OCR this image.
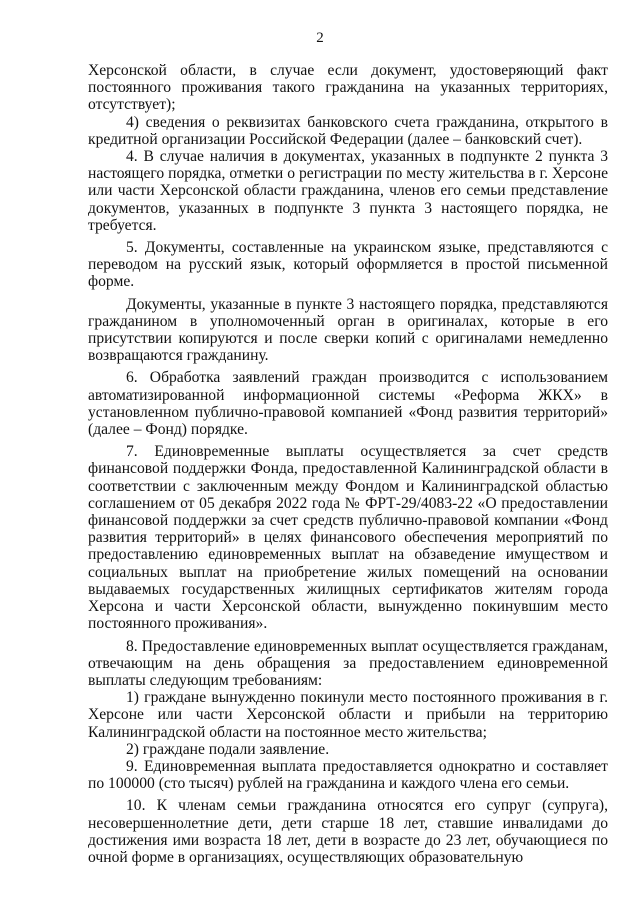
2

Херсонской области, в случае если документ, удостоверяющий факт постоянного проживания такого гражданина на указанных территориях, отсутствует);

4) сведения о реквизитах банковского счета гражданина, открытого в кредитной организации Российской Федерации (далее – банковский счет).

4. В случае наличия в документах, указанных в подпункте 2 пункта 3 настоящего порядка, отметки о регистрации по месту жительства в г. Херсоне или части Херсонской области гражданина, членов его семьи представление документов, указанных в подпункте 3 пункта 3 настоящего порядка, не требуется.

5. Документы, составленные на украинском языке, представляются с переводом на русский язык, который оформляется в простой письменной форме.

Документы, указанные в пункте 3 настоящего порядка, представляются гражданином в уполномоченный орган в оригиналах, которые в его присутствии копируются и после сверки копий с оригиналами немедленно возвращаются гражданину.

6. Обработка заявлений граждан производится с использованием автоматизированной информационной системы «Реформа ЖКХ» в установленном публично-правовой компанией «Фонд развития территорий» (далее – Фонд) порядке.

7. Единовременные выплаты осуществляется за счет средств финансовой поддержки Фонда, предоставленной Калининградской области в соответствии с заключенным между Фондом и Калининградской областью соглашением от 05 декабря 2022 года № ФРТ-29/4083-22 «О предоставлении финансовой поддержки за счет средств публично-правовой компании «Фонд развития территорий» в целях финансового обеспечения мероприятий по предоставлению единовременных выплат на обзаведение имуществом и социальных выплат на приобретение жилых помещений на основании выдаваемых государственных жилищных сертификатов жителям города Херсона и части Херсонской области, вынужденно покинувшим место постоянного проживания».

8. Предоставление единовременных выплат осуществляется гражданам, отвечающим на день обращения за предоставлением единовременной выплаты следующим требованиям:

1) граждане вынужденно покинули место постоянного проживания в г. Херсоне или части Херсонской области и прибыли на территорию Калининградской области на постоянное место жительства;

2) граждане подали заявление.

9. Единовременная выплата предоставляется однократно и составляет по 100000 (сто тысяч) рублей на гражданина и каждого члена его семьи.

10. К членам семьи гражданина относятся его супруг (супруга), несовершеннолетние дети, дети старше 18 лет, ставшие инвалидами до достижения ими возраста 18 лет, дети в возрасте до 23 лет, обучающиеся по очной форме в организациях, осуществляющих образовательную
